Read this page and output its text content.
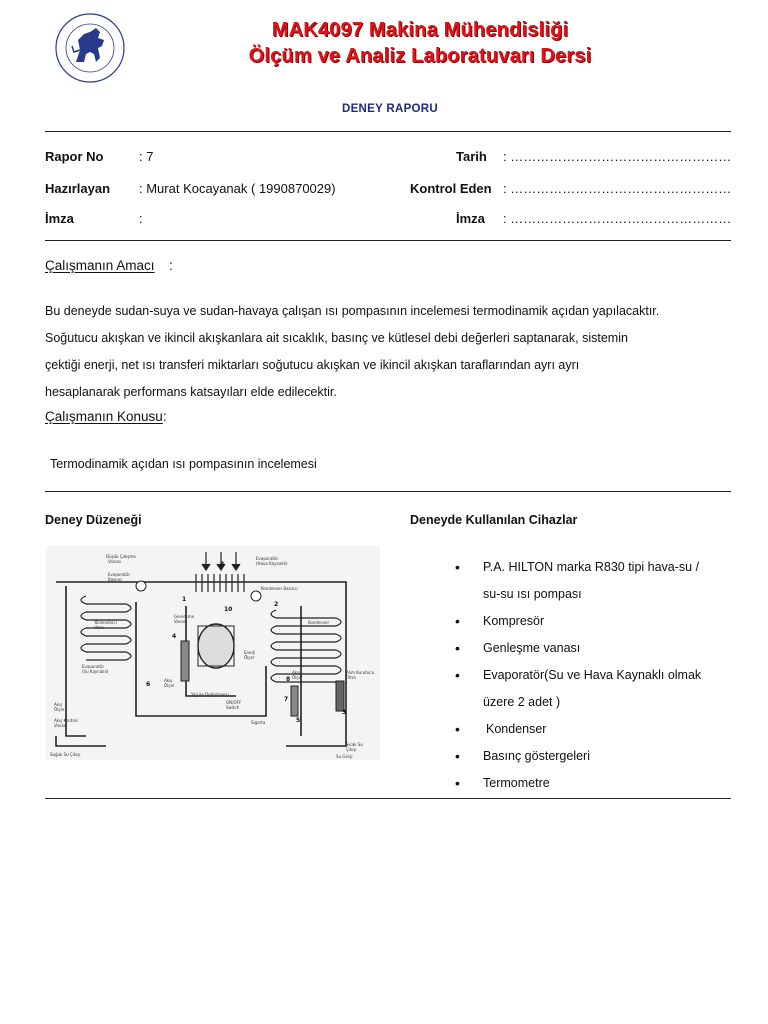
MAK4097 Makina Mühendisliği
Ölçüm ve Analiz Laboratuvarı Dersi
DENEY RAPORU
Rapor No	: 7	Tarih : ……………………………………………
Hazırlayan : Murat Kocayanak ( 1990870029)	Kontrol Eden : ……………………………………………
İmza	:	İmza : ……………………………………………
Çalışmanın Amacı :
Bu deneyde sudan-suya ve sudan-havaya çalışan ısı pompasının incelemesi termodinamik açıdan yapılacaktır.
Soğutucu akışkan ve ikincil akışkanlara ait sıcaklık, basınç ve kütlesel debi değerleri saptanarak, sistemin
çektiği enerji, net ısı transferi miktarları soğutucu akışkan ve ikincil akışkan taraflarından ayrı ayrı
hesaplanarak performans katsayıları elde edilecektir.
Çalışmanın Konusu:
Termodinamik açıdan ısı pompasının incelemesi
Deney Düzeneği	Deneyde Kullanılan Cihazlar
Düşük Çalışma
Vanası
Evaporatör
Basıncı
Evaporatör
(Hava Kaynaklı)
Kondenser Basıncı
Kondenser
Yönlendirici
Vana
Genleşme
Vanası
Evaporatör
(Su Kaynaklı)
Enerji
Ölçer
Akış
Ölçer
Yağ ile Değiştirgeci
ON/OFF
Switch
Sigorta
Akış
Ölçer
Akış Kontrol
Vanası
Akış
Ölçer
Alım Kurutucu
Filtre
Sıcak Su
Çıkışı
Su Girişi
Soğuk Su Çıkışı
8
1
4
6
2
10
8
7
3
5
• P.A. HILTON marka R830 tipi hava-su /
su-su ısı pompası
• Kompresör
• Genleşme vanası
• Evaporatör(Su ve Hava Kaynaklı olmak
üzere 2 adet )
• Kondenser
• Basınç göstergeleri
• Termometre
